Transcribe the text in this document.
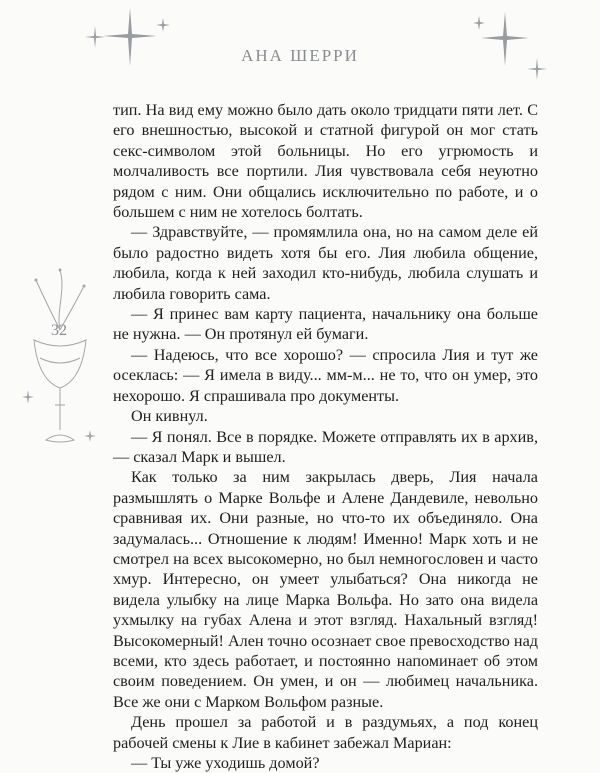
АНА ШЕРРИ
32

тип. На вид ему можно было дать около тридцати пяти лет. С его внешностью, высокой и статной фигурой он мог стать секс-символом этой больницы. Но его угрюмость и молчаливость все портили. Лия чувствовала себя неуютно рядом с ним. Они общались исключительно по работе, и о большем с ним не хотелось болтать.

— Здравствуйте, — промямлила она, но на самом деле ей было радостно видеть хотя бы его. Лия любила общение, любила, когда к ней заходил кто-нибудь, любила слушать и любила говорить сама.

— Я принес вам карту пациента, начальнику она больше не нужна. — Он протянул ей бумаги.

— Надеюсь, что все хорошо? — спросила Лия и тут же осеклась: — Я имела в виду... мм-м... не то, что он умер, это нехорошо. Я спрашивала про документы.

Он кивнул.

— Я понял. Все в порядке. Можете отправлять их в архив, — сказал Марк и вышел.

Как только за ним закрылась дверь, Лия начала размышлять о Марке Вольфе и Алене Дандевиле, невольно сравнивая их. Они разные, но что-то их объединяло. Она задумалась... Отношение к людям! Именно! Марк хоть и не смотрел на всех высокомерно, но был немногословен и часто хмур. Интересно, он умеет улыбаться? Она никогда не видела улыбку на лице Марка Вольфа. Но зато она видела ухмылку на губах Алена и этот взгляд. Нахальный взгляд! Высокомерный! Ален точно осознает свое превосходство над всеми, кто здесь работает, и постоянно напоминает об этом своим поведением. Он умен, и он — любимец начальника. Все же они с Марком Вольфом разные.

День прошел за работой и в раздумьях, а под конец рабочей смены к Лие в кабинет забежал Мариан:

— Ты уже уходишь домой?
